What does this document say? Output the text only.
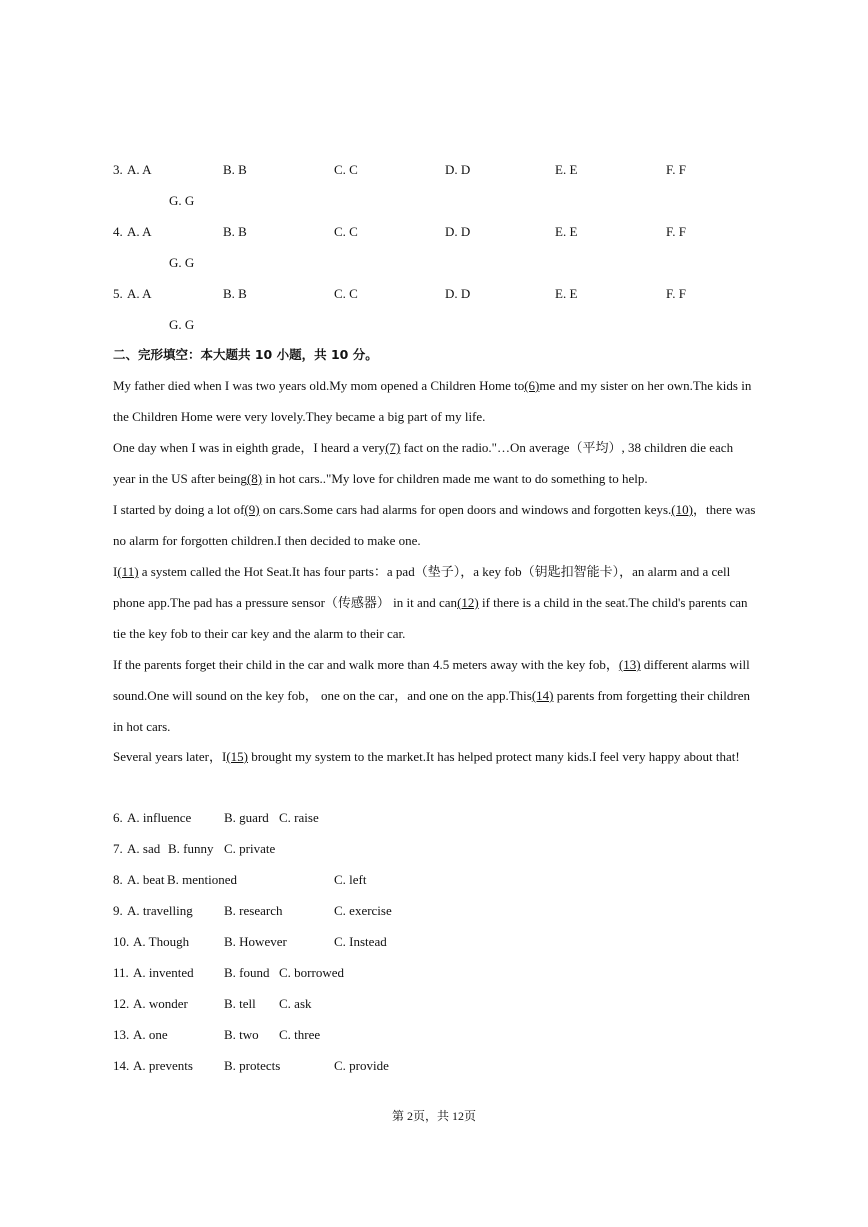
3. A. A	B. B	C. C	D. D	E. E	F. F
G. G
4. A. A	B. B	C. C	D. D	E. E	F. F
G. G
5. A. A	B. B	C. C	D. D	E. E	F. F
G. G
二、完形填空：本大题共 10 小题，共 10 分。
My father died when I was two years old.My mom opened a Children Home to(6)me and my sister on her own.The kids in the Children Home were very lovely.They became a big part of my life.
One day when I was in eighth grade，I heard a very(7) fact on the radio."…On average（平均）, 38 children die each year in the US after being(8) in hot cars.."My love for children made me want to do something to help.
I started by doing a lot of(9) on cars.Some cars had alarms for open doors and windows and forgotten keys.(10)，there was no alarm for forgotten children.I then decided to make one.
I(11) a system called the Hot Seat.It has four parts：a pad（垫子），a key fob（钥匙扣智能卡），an alarm and a cell phone app.The pad has a pressure sensor（传感器） in it and can(12) if there is a child in the seat.The child's parents can tie the key fob to their car key and the alarm to their car.
If the parents forget their child in the car and walk more than 4.5 meters away with the key fob，(13) different alarms will sound.One will sound on the key fob， one on the car，and one on the app.This(14) parents from forgetting their children in hot cars.
Several years later，I(15) brought my system to the market.It has helped protect many kids.I feel very happy about that!
6. A. influence	B. guard C. raise
7. A. sad B. funny C. private
8. A. beat B. mentioned	C. left
9. A. travelling B. research	C. exercise
10. A. Though	B. However	C. Instead
11. A. invented B. found C. borrowed
12. A. wonder	B. tell C. ask
13. A. one	B. two C. three
14. A. prevents B. protects	C. provide
第 2页，共 12页
